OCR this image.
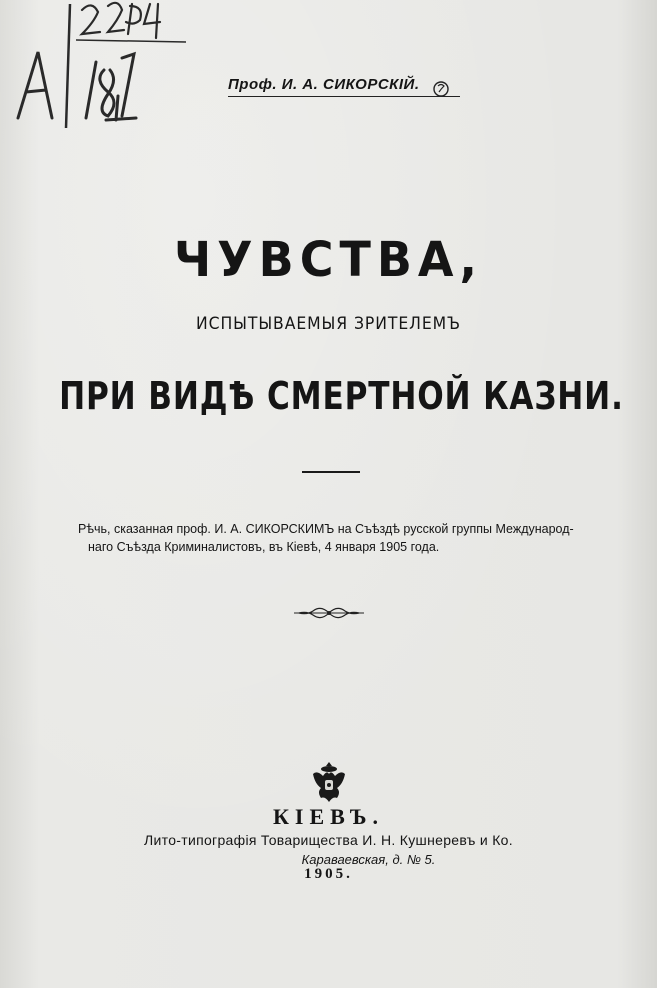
Проф. И. А. СИКОРСКIЙ.
ЧУВСТВА,
ИСПЫТЫВАЕМЫЯ ЗРИТЕЛЕМЪ
ПРИ ВИДѢ СМЕРТНОЙ КАЗНИ.
Рѣчь, сказанная проф. И. А. СИКОРСКИМЪ на Съѣздѣ русской группы Международ-
наго Съѣзда Криминалистовъ, въ Кiевѣ, 4 января 1905 года.
КIЕВЪ.
Лито-типографiя Товарищества И. Н. Кушнеревъ и Ко.
Караваевская, д. № 5.
1905.
